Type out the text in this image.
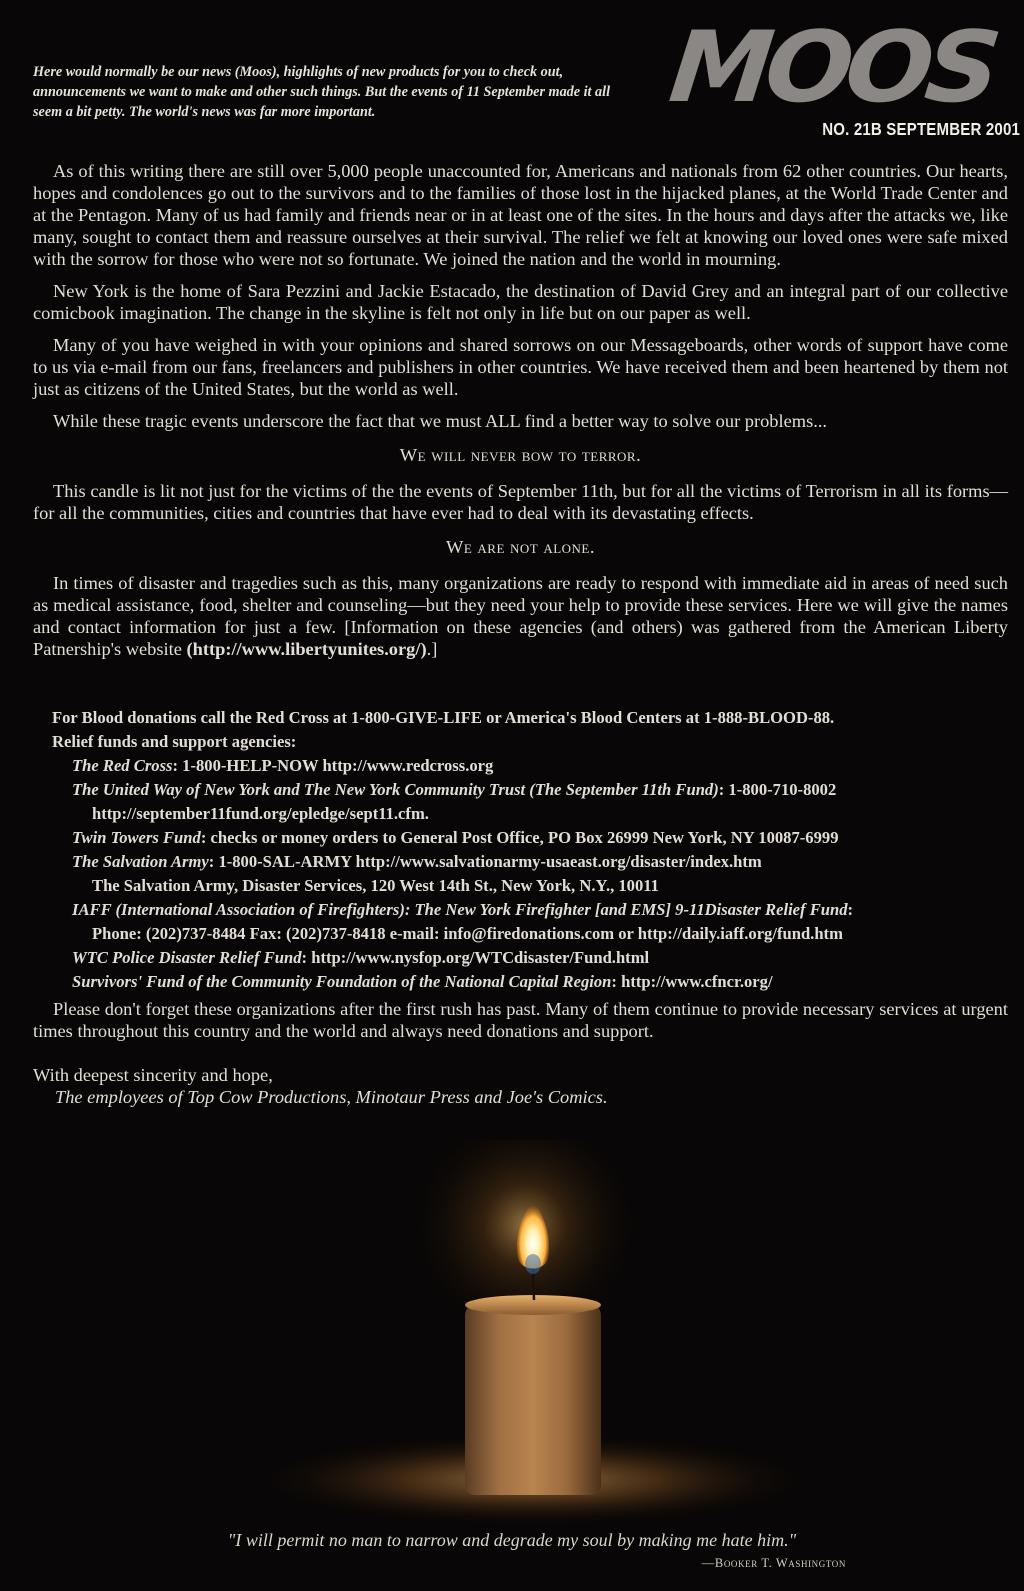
Here would normally be our news (Moos), highlights of new products for you to check out, announcements we want to make and other such things. But the events of 11 September made it all seem a bit petty. The world's news was far more important.	MOOS
NO. 21B SEPTEMBER 2001

As of this writing there are still over 5,000 people unaccounted for, Americans and nationals from 62 other countries. Our hearts, hopes and condolences go out to the survivors and to the families of those lost in the hijacked planes, at the World Trade Center and at the Pentagon. Many of us had family and friends near or in at least one of the sites. In the hours and days after the attacks we, like many, sought to contact them and reassure ourselves at their survival. The relief we felt at knowing our loved ones were safe mixed with the sorrow for those who were not so fortunate. We joined the nation and the world in mourning.

New York is the home of Sara Pezzini and Jackie Estacado, the destination of David Grey and an integral part of our collective comicbook imagination. The change in the skyline is felt not only in life but on our paper as well.

Many of you have weighed in with your opinions and shared sorrows on our Messageboards, other words of support have come to us via e-mail from our fans, freelancers and publishers in other countries. We have received them and been heartened by them not just as citizens of the United States, but the world as well.

While these tragic events underscore the fact that we must ALL find a better way to solve our problems...

We will never bow to terror.

This candle is lit not just for the victims of the the events of September 11th, but for all the victims of Terrorism in all its forms—for all the communities, cities and countries that have ever had to deal with its devastating effects.

We are not alone.

In times of disaster and tragedies such as this, many organizations are ready to respond with immediate aid in areas of need such as medical assistance, food, shelter and counseling—but they need your help to provide these services. Here we will give the names and contact information for just a few. [Information on these agencies (and others) was gathered from the American Liberty Patnership's website (http://www.libertyunites.org/).]

For Blood donations call the Red Cross at 1-800-GIVE-LIFE or America's Blood Centers at 1-888-BLOOD-88.
Relief funds and support agencies:
The Red Cross: 1-800-HELP-NOW http://www.redcross.org
The United Way of New York and The New York Community Trust (The September 11th Fund): 1-800-710-8002
http://september11fund.org/epledge/sept11.cfm.
Twin Towers Fund: checks or money orders to General Post Office, PO Box 26999 New York, NY 10087-6999
The Salvation Army: 1-800-SAL-ARMY http://www.salvationarmy-usaeast.org/disaster/index.htm
The Salvation Army, Disaster Services, 120 West 14th St., New York, N.Y., 10011
IAFF (International Association of Firefighters): The New York Firefighter [and EMS] 9-11Disaster Relief Fund:
Phone: (202)737-8484 Fax: (202)737-8418 e-mail: info@firedonations.com or http://daily.iaff.org/fund.htm
WTC Police Disaster Relief Fund: http://www.nysfop.org/WTCdisaster/Fund.html
Survivors' Fund of the Community Foundation of the National Capital Region: http://www.cfncr.org/
Please don't forget these organizations after the first rush has past. Many of them continue to provide necessary services at urgent times throughout this country and the world and always need donations and support.
With deepest sincerity and hope,
The employees of Top Cow Productions, Minotaur Press and Joe's Comics.
"I will permit no man to narrow and degrade my soul by making me hate him."
—Booker T. Washington
